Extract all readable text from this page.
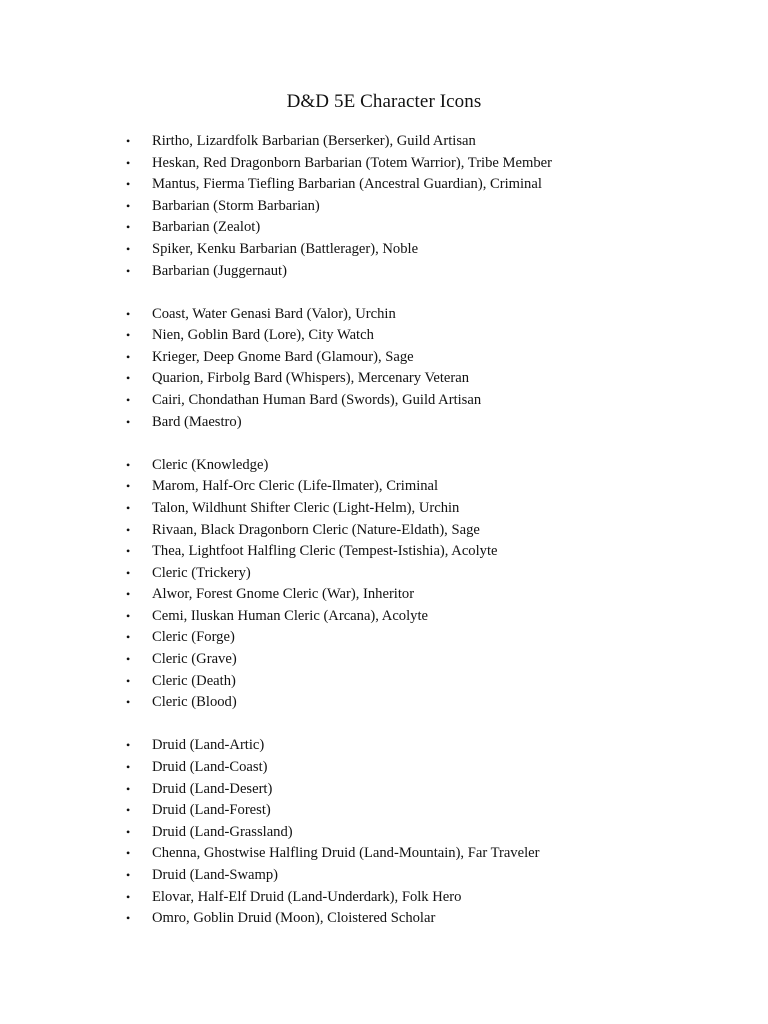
D&D 5E Character Icons
•	Rirtho, Lizardfolk Barbarian (Berserker), Guild Artisan
•	Heskan, Red Dragonborn Barbarian (Totem Warrior), Tribe Member
•	Mantus, Fierma Tiefling Barbarian (Ancestral Guardian), Criminal
•	Barbarian (Storm Barbarian)
•	Barbarian (Zealot)
•	Spiker, Kenku Barbarian (Battlerager), Noble
•	Barbarian (Juggernaut)
•	Coast, Water Genasi Bard (Valor), Urchin
•	Nien, Goblin Bard (Lore), City Watch
•	Krieger, Deep Gnome Bard (Glamour), Sage
•	Quarion, Firbolg Bard (Whispers), Mercenary Veteran
•	Cairi, Chondathan Human Bard (Swords), Guild Artisan
•	Bard (Maestro)
•	Cleric (Knowledge)
•	Marom, Half-Orc Cleric (Life-Ilmater), Criminal
•	Talon, Wildhunt Shifter Cleric (Light-Helm), Urchin
•	Rivaan, Black Dragonborn Cleric (Nature-Eldath), Sage
•	Thea, Lightfoot Halfling Cleric (Tempest-Istishia), Acolyte
•	Cleric (Trickery)
•	Alwor, Forest Gnome Cleric (War), Inheritor
•	Cemi, Iluskan Human Cleric (Arcana), Acolyte
•	Cleric (Forge)
•	Cleric (Grave)
•	Cleric (Death)
•	Cleric (Blood)
•	Druid (Land-Artic)
•	Druid (Land-Coast)
•	Druid (Land-Desert)
•	Druid (Land-Forest)
•	Druid (Land-Grassland)
•	Chenna, Ghostwise Halfling Druid (Land-Mountain), Far Traveler
•	Druid (Land-Swamp)
•	Elovar, Half-Elf Druid (Land-Underdark), Folk Hero
•	Omro, Goblin Druid (Moon), Cloistered Scholar
